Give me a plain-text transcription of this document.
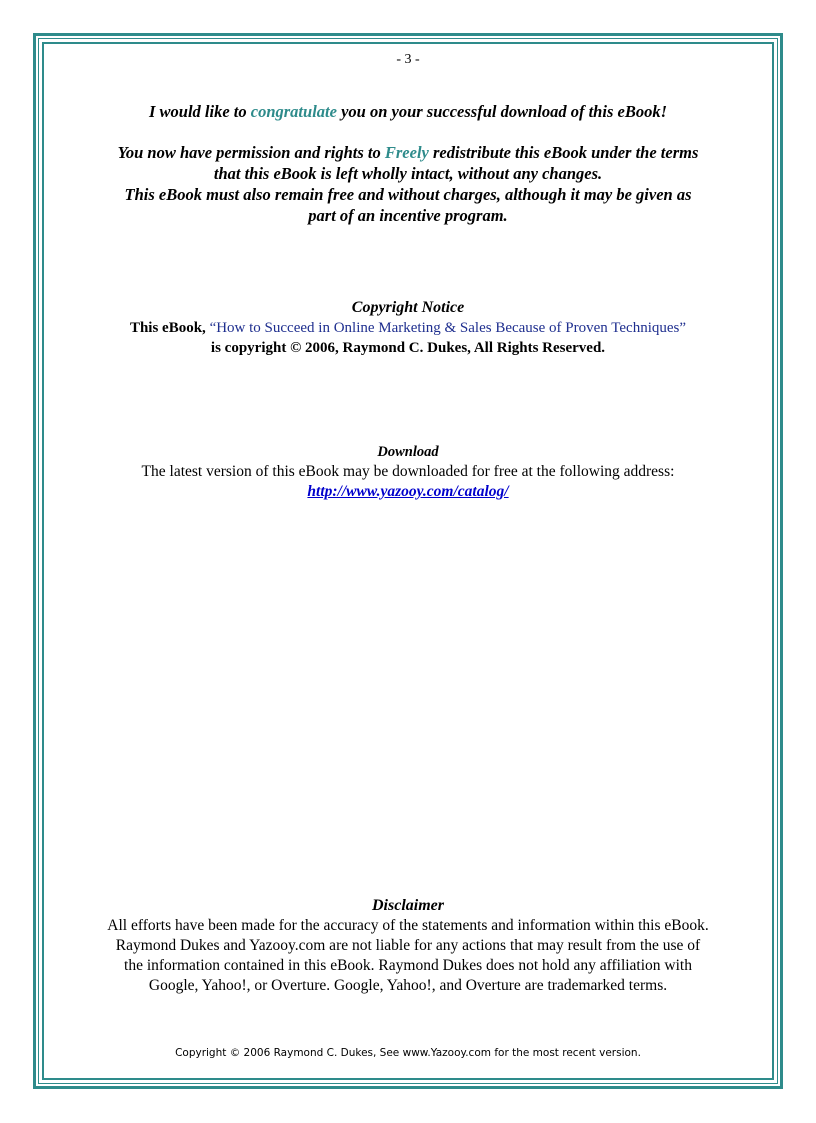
- 3 -

I would like to congratulate you on your successful download of this eBook!

You now have permission and rights to Freely redistribute this eBook under the terms

that this eBook is left wholly intact, without any changes.

This eBook must also remain free and without charges, although it may be given as

part of an incentive program.

Copyright Notice

This eBook, “How to Succeed in Online Marketing & Sales Because of Proven Techniques”

is copyright © 2006, Raymond C. Dukes, All Rights Reserved.

Download

The latest version of this eBook may be downloaded for free at the following address:

http://www.yazooy.com/catalog/

Disclaimer

All efforts have been made for the accuracy of the statements and information within this eBook.

Raymond Dukes and Yazooy.com are not liable for any actions that may result from the use of

the information contained in this eBook. Raymond Dukes does not hold any affiliation with

Google, Yahoo!, or Overture. Google, Yahoo!, and Overture are trademarked terms.

Copyright © 2006 Raymond C. Dukes, See www.Yazooy.com for the most recent version.
